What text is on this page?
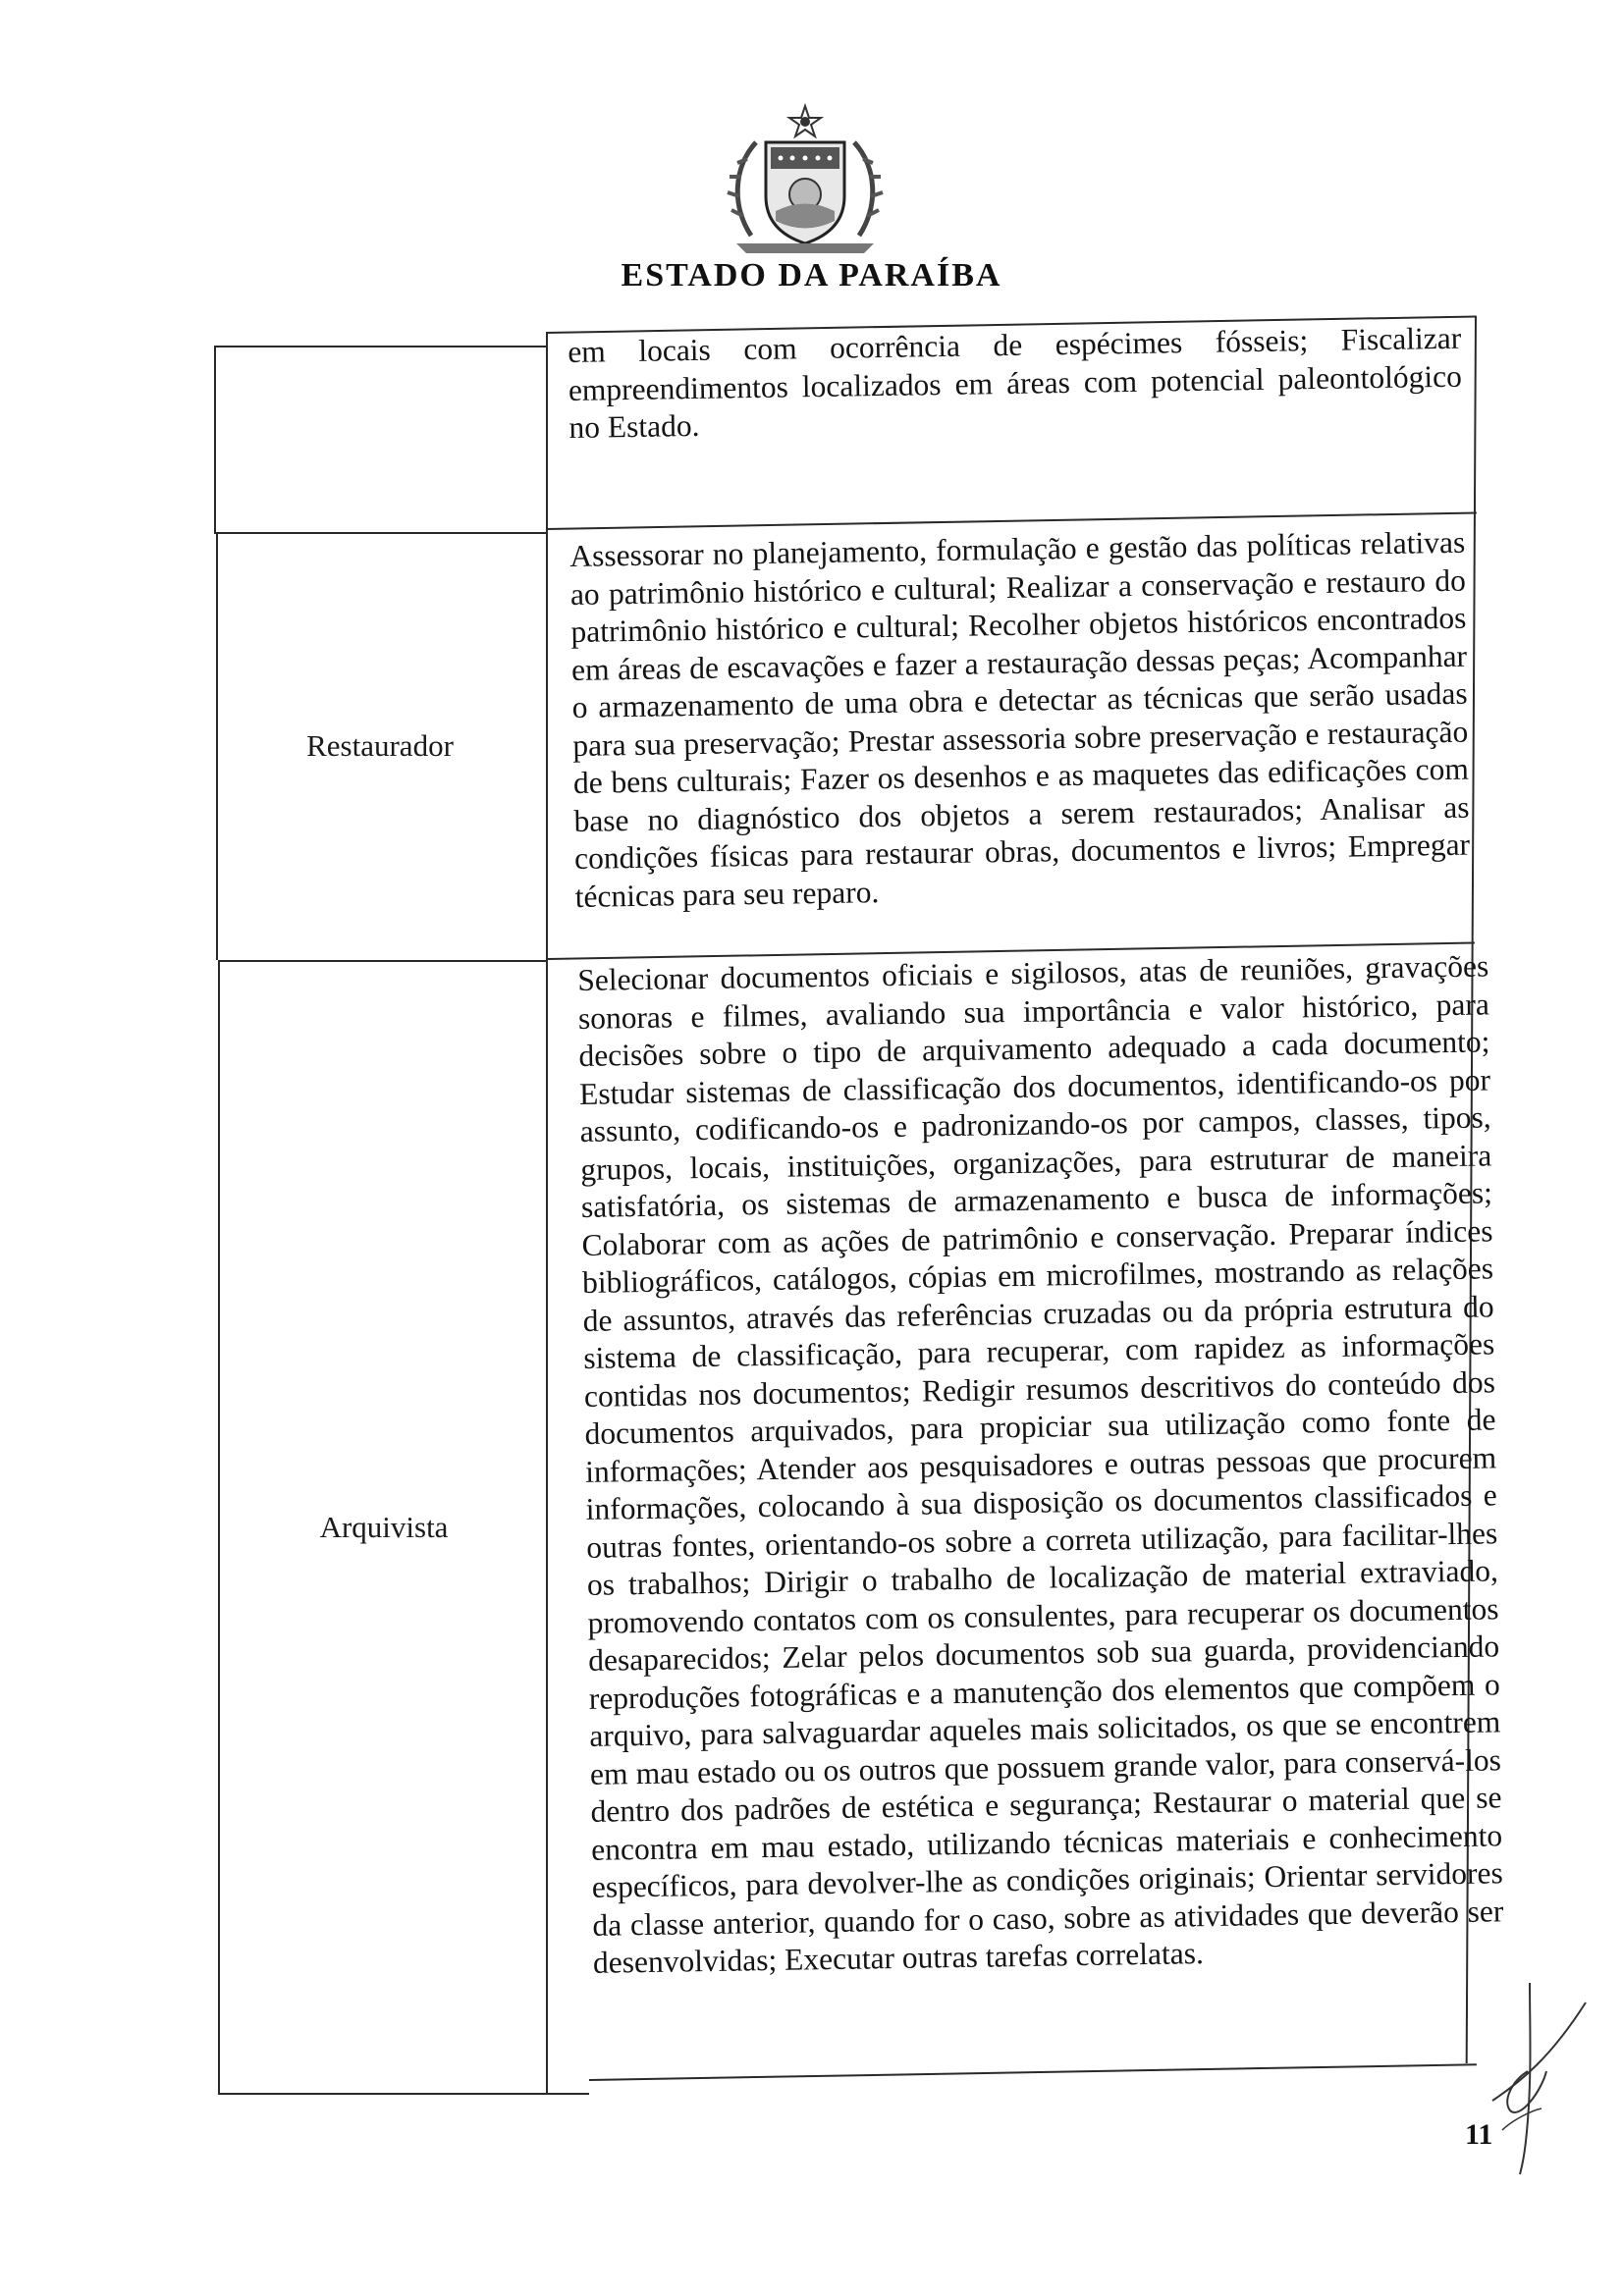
ESTADO DA PARAÍBA

em locais com ocorrência de espécimes fósseis; Fiscalizar empreendimentos localizados em áreas com potencial paleontológico no Estado.

Restaurador

Assessorar no planejamento, formulação e gestão das políticas relativas ao patrimônio histórico e cultural; Realizar a conservação e restauro do patrimônio histórico e cultural; Recolher objetos históricos encontrados em áreas de escavações e fazer a restauração dessas peças; Acompanhar o armazenamento de uma obra e detectar as técnicas que serão usadas para sua preservação; Prestar assessoria sobre preservação e restauração de bens culturais; Fazer os desenhos e as maquetes das edificações com base no diagnóstico dos objetos a serem restaurados; Analisar as condições físicas para restaurar obras, documentos e livros; Empregar técnicas para seu reparo.

Arquivista

Selecionar documentos oficiais e sigilosos, atas de reuniões, gravações sonoras e filmes, avaliando sua importância e valor histórico, para decisões sobre o tipo de arquivamento adequado a cada documento; Estudar sistemas de classificação dos documentos, identificando-os por assunto, codificando-os e padronizando-os por campos, classes, tipos, grupos, locais, instituições, organizações, para estruturar de maneira satisfatória, os sistemas de armazenamento e busca de informações; Colaborar com as ações de patrimônio e conservação. Preparar índices bibliográficos, catálogos, cópias em microfilmes, mostrando as relações de assuntos, através das referências cruzadas ou da própria estrutura do sistema de classificação, para recuperar, com rapidez as informações contidas nos documentos; Redigir resumos descritivos do conteúdo dos documentos arquivados, para propiciar sua utilização como fonte de informações; Atender aos pesquisadores e outras pessoas que procurem informações, colocando à sua disposição os documentos classificados e outras fontes, orientando-os sobre a correta utilização, para facilitar-lhes os trabalhos; Dirigir o trabalho de localização de material extraviado, promovendo contatos com os consulentes, para recuperar os documentos desaparecidos; Zelar pelos documentos sob sua guarda, providenciando reproduções fotográficas e a manutenção dos elementos que compõem o arquivo, para salvaguardar aqueles mais solicitados, os que se encontrem em mau estado ou os outros que possuem grande valor, para conservá-los dentro dos padrões de estética e segurança; Restaurar o material que se encontra em mau estado, utilizando técnicas materiais e conhecimento específicos, para devolver-lhe as condições originais; Orientar servidores da classe anterior, quando for o caso, sobre as atividades que deverão ser desenvolvidas; Executar outras tarefas correlatas.

11
